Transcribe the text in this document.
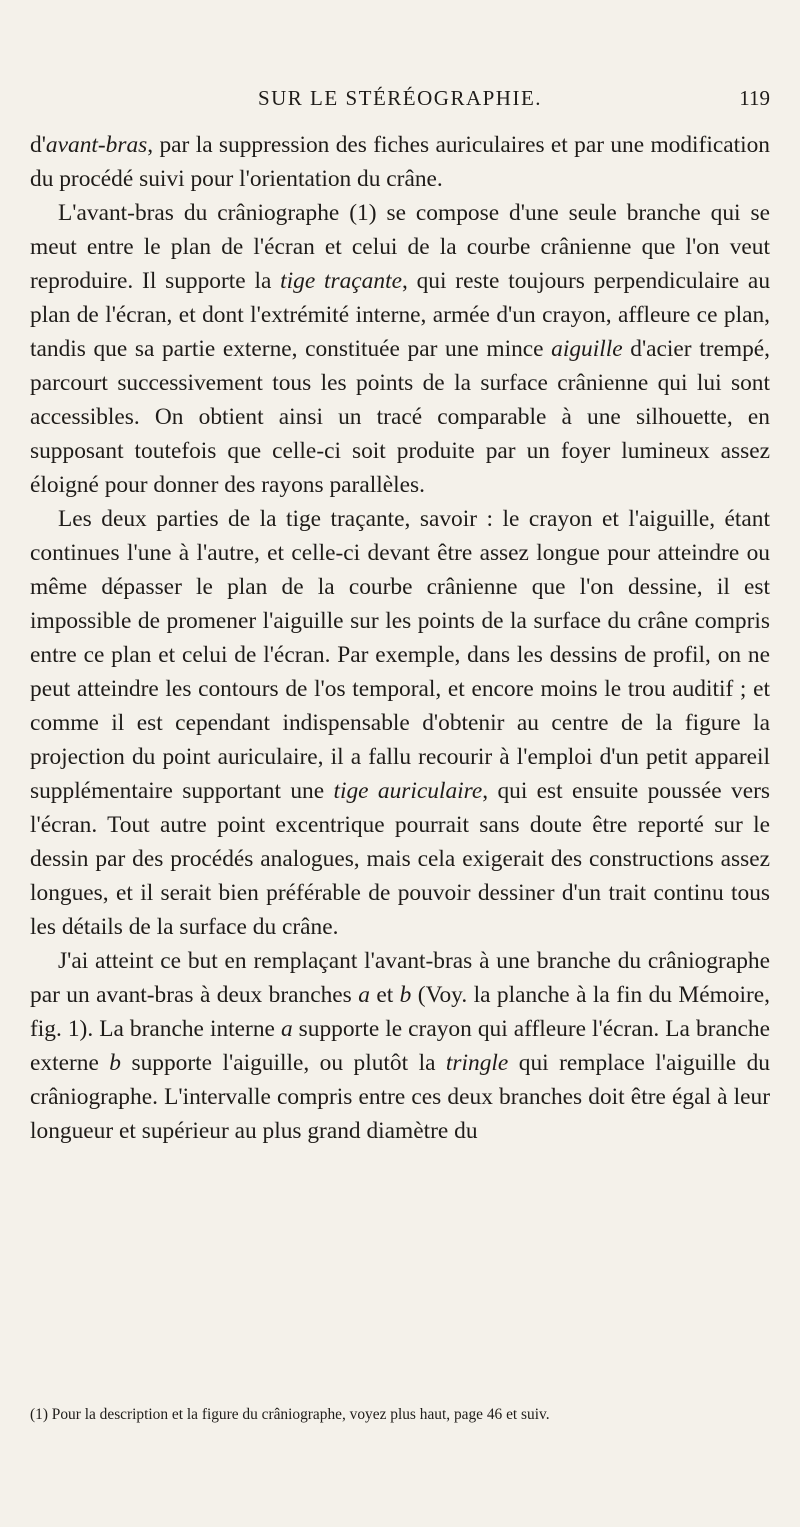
SUR LE STÉRÉOGRAPHIE.	119

d'avant-bras, par la suppression des fiches auriculaires et par une modification du procédé suivi pour l'orientation du crâne.

L'avant-bras du crâniographe (1) se compose d'une seule branche qui se meut entre le plan de l'écran et celui de la courbe crânienne que l'on veut reproduire. Il supporte la tige traçante, qui reste toujours perpendiculaire au plan de l'écran, et dont l'extrémité interne, armée d'un crayon, affleure ce plan, tandis que sa partie externe, constituée par une mince aiguille d'acier trempé, parcourt successivement tous les points de la surface crânienne qui lui sont accessibles. On obtient ainsi un tracé comparable à une silhouette, en supposant toutefois que celle-ci soit produite par un foyer lumineux assez éloigné pour donner des rayons parallèles.

Les deux parties de la tige traçante, savoir : le crayon et l'aiguille, étant continues l'une à l'autre, et celle-ci devant être assez longue pour atteindre ou même dépasser le plan de la courbe crânienne que l'on dessine, il est impossible de promener l'aiguille sur les points de la surface du crâne compris entre ce plan et celui de l'écran. Par exemple, dans les dessins de profil, on ne peut atteindre les contours de l'os temporal, et encore moins le trou auditif ; et comme il est cependant indispensable d'obtenir au centre de la figure la projection du point auriculaire, il a fallu recourir à l'emploi d'un petit appareil supplémentaire supportant une tige auriculaire, qui est ensuite poussée vers l'écran. Tout autre point excentrique pourrait sans doute être reporté sur le dessin par des procédés analogues, mais cela exigerait des constructions assez longues, et il serait bien préférable de pouvoir dessiner d'un trait continu tous les détails de la surface du crâne.

J'ai atteint ce but en remplaçant l'avant-bras à une branche du crâniographe par un avant-bras à deux branches a et b (Voy. la planche à la fin du Mémoire, fig. 1). La branche interne a supporte le crayon qui affleure l'écran. La branche externe b supporte l'aiguille, ou plutôt la tringle qui remplace l'aiguille du crâniographe. L'intervalle compris entre ces deux branches doit être égal à leur longueur et supérieur au plus grand diamètre du

(1) Pour la description et la figure du crâniographe, voyez plus haut, page 46 et suiv.
